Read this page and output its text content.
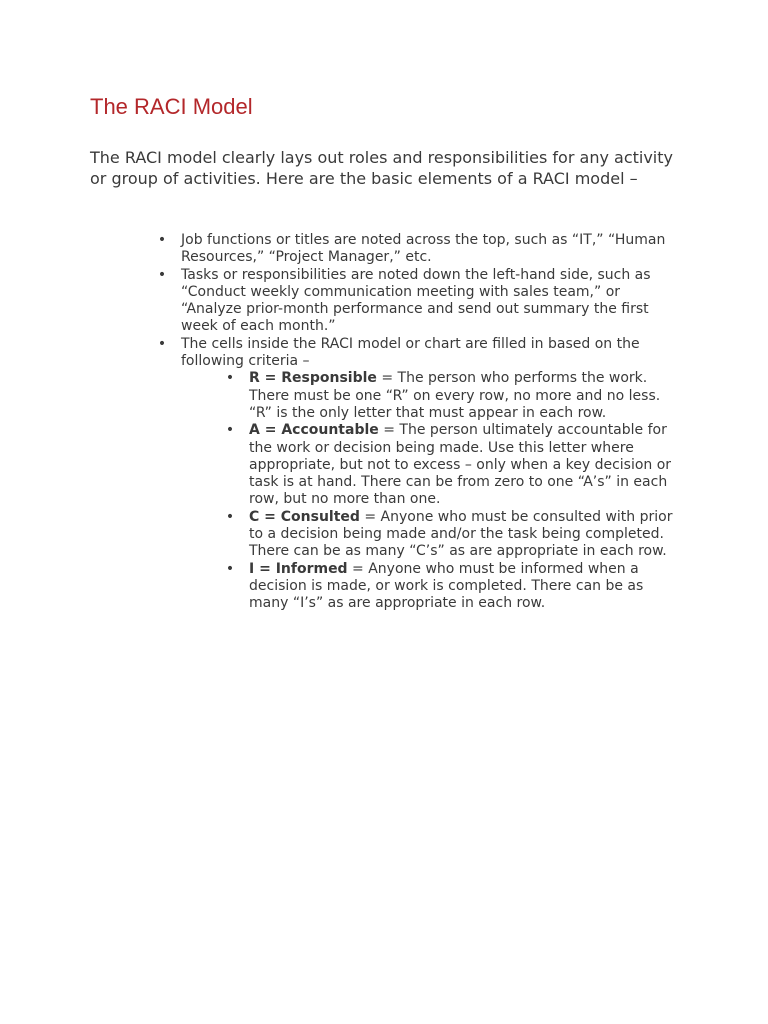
The RACI Model

The RACI model clearly lays out roles and responsibilities for any activity or group of activities. Here are the basic elements of a RACI model –

• Job functions or titles are noted across the top, such as “IT,” “Human Resources,” “Project Manager,” etc.
• Tasks or responsibilities are noted down the left-hand side, such as “Conduct weekly communication meeting with sales team,” or “Analyze prior-month performance and send out summary the first week of each month.”
• The cells inside the RACI model or chart are filled in based on the following criteria –
• R = Responsible = The person who performs the work. There must be one “R” on every row, no more and no less. “R” is the only letter that must appear in each row.
• A = Accountable = The person ultimately accountable for the work or decision being made. Use this letter where appropriate, but not to excess – only when a key decision or task is at hand. There can be from zero to one “A’s” in each row, but no more than one.
• C = Consulted = Anyone who must be consulted with prior to a decision being made and/or the task being completed. There can be as many “C’s” as are appropriate in each row.
• I = Informed = Anyone who must be informed when a decision is made, or work is completed. There can be as many “I’s” as are appropriate in each row.
